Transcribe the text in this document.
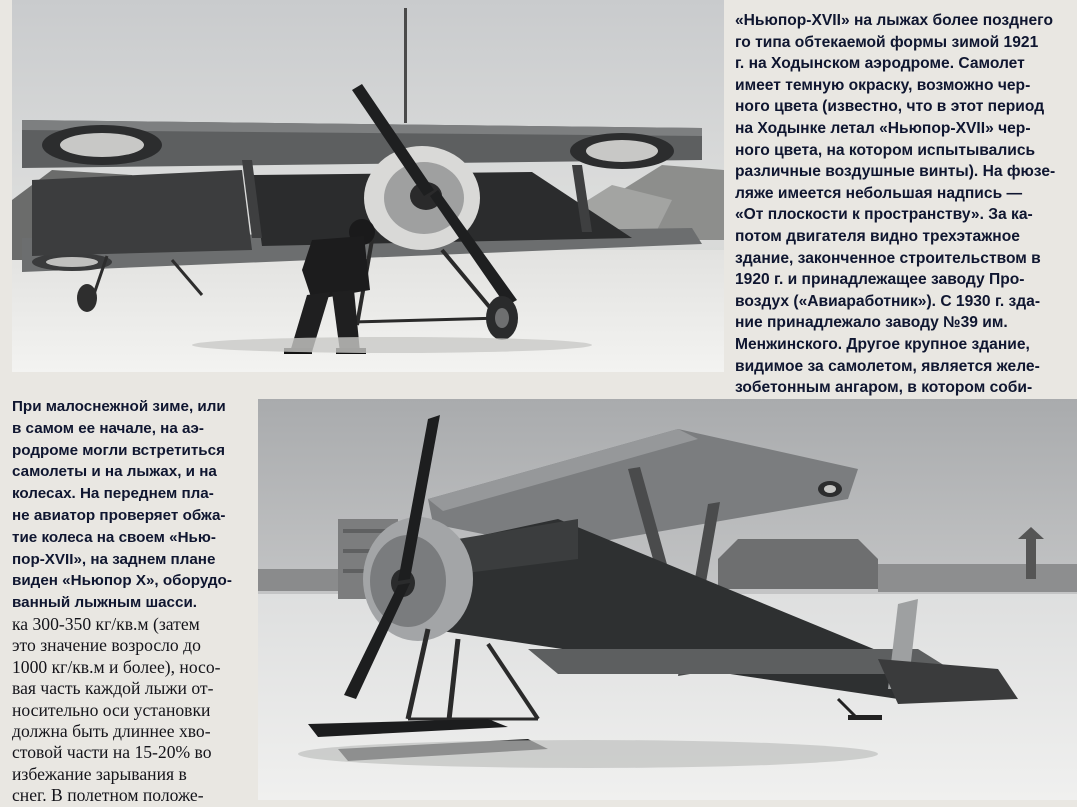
«Ньюпор-XVII» на лыжах более позднего
го типа обтекаемой формы зимой 1921
г. на Ходынском аэродроме. Самолет
имеет темную окраску, возможно чер-
ного цвета (известно, что в этот период
на Ходынке летал «Ньюпор-XVII» чер-
ного цвета, на котором испытывались
различные воздушные винты). На фюзе-
ляже имеется небольшая надпись —
«От плоскости к пространству». За ка-
потом двигателя видно трехэтажное
здание, законченное строительством в
1920 г. и принадлежащее заводу Про-
воздух («Авиаработник»). С 1930 г. зда-
ние принадлежало заводу №39 им.
Менжинского. Другое крупное здание,
видимое за самолетом, является желе-
зобетонным ангаром, в котором соби-
При малоснежной зиме, или
в самом ее начале, на аэ-
родроме могли встретиться
самолеты и на лыжах, и на
колесах. На переднем пла-
не авиатор проверяет обжа-
тие колеса на своем «Нью-
пор-XVII», на заднем плане
виден «Ньюпор Х», оборудо-
ванный лыжным шасси.
ка 300-350 кг/кв.м (затем
это значение возросло до
1000 кг/кв.м и более), носо-
вая часть каждой лыжи от-
носительно оси установки
должна быть длиннее хво-
стовой части на 15-20% во
избежание зарывания в
снег. В полетном положе-
